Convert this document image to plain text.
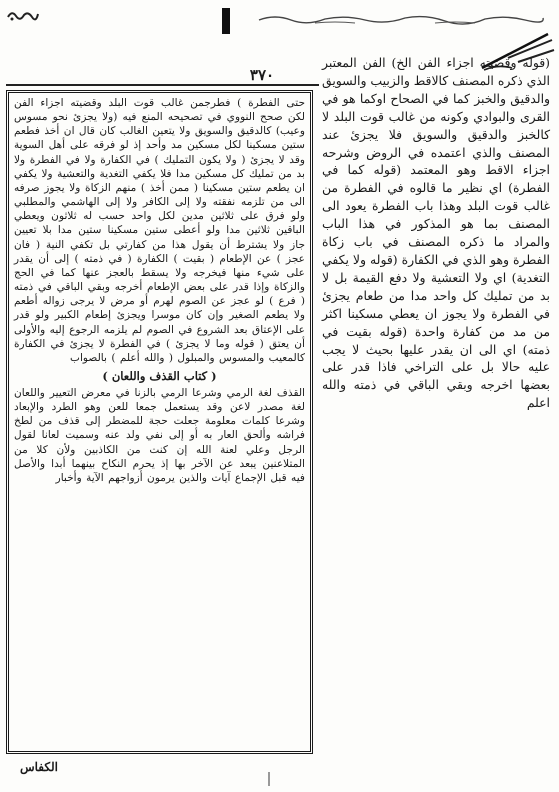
٣٧٠

حتى الفطرة ) فطرجمن غالب قوت البلد وقضيته اجزاء الفن لكن صحح النووي في تصحيحه المنع فيه (ولا يجزئ نحو مسوس وعيب) كالدقيق والسويق ولا يتعين الغالب كان قال ان أخذ فطعم ستين مسكينا لكل مسكين مد وأحد إذ لو فرقه على أهل السوية وقد لا يجزئ ( ولا يكون التمليك ) في الكفارة ولا في الفطرة ولا بد من تمليك كل مسكين مدا فلا يكفي التغدية والتعشية ولا يكفي ان يطعم ستين مسكينا ( ممن أخذ ) منهم الزكاة ولا يجوز صرفه الى من تلزمه نفقته ولا إلى الكافر ولا إلى الهاشمي والمطلبي ولو فرق على ثلاثين مدين لكل واحد حسب له ثلاثون ويعطي الباقين ثلاثين مدا ولو أعطى ستين مسكينا ستين مدا بلا تعيين جاز ولا يشترط أن يقول هذا من كفارتي بل تكفي النية ( فان عجز ) عن الإطعام ( بقيت ) الكفارة ( في ذمته ) إلى أن يقدر على شيء منها فيخرجه ولا يسقط بالعجز عنها كما في الحج والزكاة وإذا قدر على بعض الإطعام أخرجه وبقي الباقي في ذمته ( فرع ) لو عجز عن الصوم لهرم أو مرض لا يرجى زواله أطعم ولا يطعم الصغير وإن كان موسرا ويجزئ إطعام الكبير ولو قدر على الإعتاق بعد الشروع في الصوم لم يلزمه الرجوع إليه والأولى أن يعتق ( قوله وما لا يجزئ ) في الفطرة لا يجزئ في الكفارة كالمعيب والمسوس والمبلول ( والله أعلم ) بالصواب

( كتاب القذف واللعان )

القذف لغة الرمي وشرعا الرمي بالزنا في معرض التعيير واللعان لغة مصدر لاعن وقد يستعمل جمعا للعن وهو الطرد والإبعاد وشرعا كلمات معلومة جعلت حجة للمضطر إلى قذف من لطخ فراشه وألحق العار به أو إلى نفي ولد عنه وسميت لعانا لقول الرجل وعلي لعنة الله إن كنت من الكاذبين ولأن كلا من المتلاعنين يبعد عن الآخر بها إذ يحرم النكاح بينهما أبدا والأصل فيه قبل الإجماع آيات والذين يرمون أزواجهم الآية وأخبار

(قوله وقضيته اجزاء الفن الخ) الفن المعتبر الذي ذكره المصنف كالاقط والزبيب والسويق والدقيق والخبز كما في الصحاح اوكما هو في القرى والبوادي وكونه من غالب قوت البلد لا كالخبز والدقيق والسويق فلا يجزئ عند المصنف والذي اعتمده في الروض وشرحه اجزاء الاقط وهو المعتمد (قوله كما في الفطرة) اي نظير ما قالوه في الفطرة من غالب قوت البلد وهذا باب الفطرة يعود الى المصنف بما هو المذكور في هذا الباب والمراد ما ذكره المصنف في باب زكاة الفطرة وهو الذي في الكفارة (قوله ولا يكفي التغدية) اي ولا التعشية ولا دفع القيمة بل لا بد من تمليك كل واحد مدا من طعام يجزئ في الفطرة ولا يجوز ان يعطي مسكينا اكثر من مد من كفارة واحدة (قوله بقيت في ذمته) اي الى ان يقدر عليها بحيث لا يجب عليه حالا بل على التراخي فاذا قدر على بعضها اخرجه وبقي الباقي في ذمته والله اعلم

الكفاس
